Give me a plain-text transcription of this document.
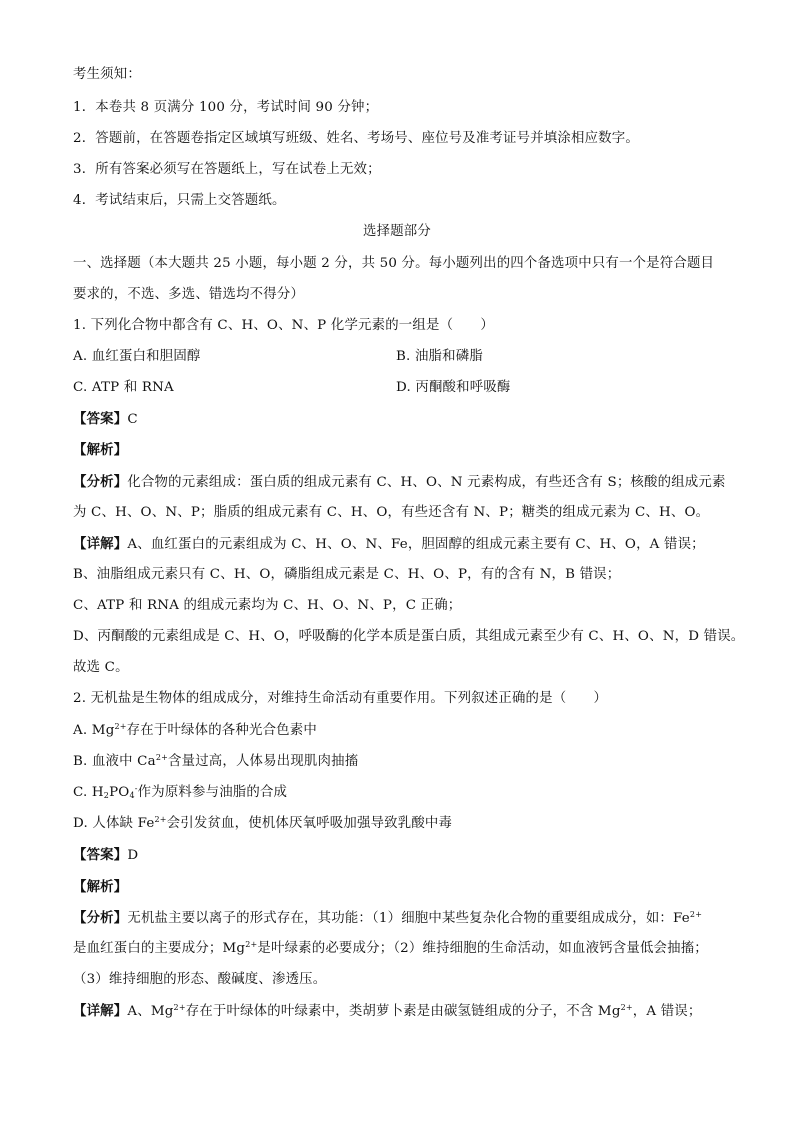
考生须知：
1．本卷共 8 页满分 100 分，考试时间 90 分钟；
2．答题前，在答题卷指定区域填写班级、姓名、考场号、座位号及准考证号并填涂相应数字。
3．所有答案必须写在答题纸上，写在试卷上无效；
4．考试结束后，只需上交答题纸。
选择题部分
一、选择题（本大题共 25 小题，每小题 2 分，共 50 分。每小题列出的四个备选项中只有一个是符合题目
要求的，不选、多选、错选均不得分）
1. 下列化合物中都含有 C、H、O、N、P 化学元素的一组是（　　）
A. 血红蛋白和胆固醇	B. 油脂和磷脂
C. ATP 和 RNA	D. 丙酮酸和呼吸酶
【答案】C
【解析】
【分析】化合物的元素组成：蛋白质的组成元素有 C、H、O、N 元素构成，有些还含有 S；核酸的组成元素
为 C、H、O、N、P；脂质的组成元素有 C、H、O，有些还含有 N、P；糖类的组成元素为 C、H、O。
【详解】A、血红蛋白的元素组成为 C、H、O、N、Fe，胆固醇的组成元素主要有 C、H、O，A 错误；
B、油脂组成元素只有 C、H、O，磷脂组成元素是 C、H、O、P，有的含有 N，B 错误；
C、ATP 和 RNA 的组成元素均为 C、H、O、N、P，C 正确；
D、丙酮酸的元素组成是 C、H、O，呼吸酶的化学本质是蛋白质，其组成元素至少有 C、H、O、N，D 错误。
故选 C。
2. 无机盐是生物体的组成成分，对维持生命活动有重要作用。下列叙述正确的是（　　）
A. $Mg^{2+}$存在于叶绿体的各种光合色素中
B. 血液中 $Ca^{2+}$含量过高，人体易出现肌肉抽搐
C. $H_2PO_4^-$作为原料参与油脂的合成
D. 人体缺 $Fe^{2+}$会引发贫血，使机体厌氧呼吸加强导致乳酸中毒
【答案】D
【解析】
【分析】无机盐主要以离子的形式存在，其功能：（1）细胞中某些复杂化合物的重要组成成分，如：$Fe^{2+}$
是血红蛋白的主要成分；$Mg^{2+}$是叶绿素的必要成分；（2）维持细胞的生命活动，如血液钙含量低会抽搐；
（3）维持细胞的形态、酸碱度、渗透压。
【详解】A、$Mg^{2+}$存在于叶绿体的叶绿素中，类胡萝卜素是由碳氢链组成的分子，不含 $Mg^{2+}$，A 错误；
